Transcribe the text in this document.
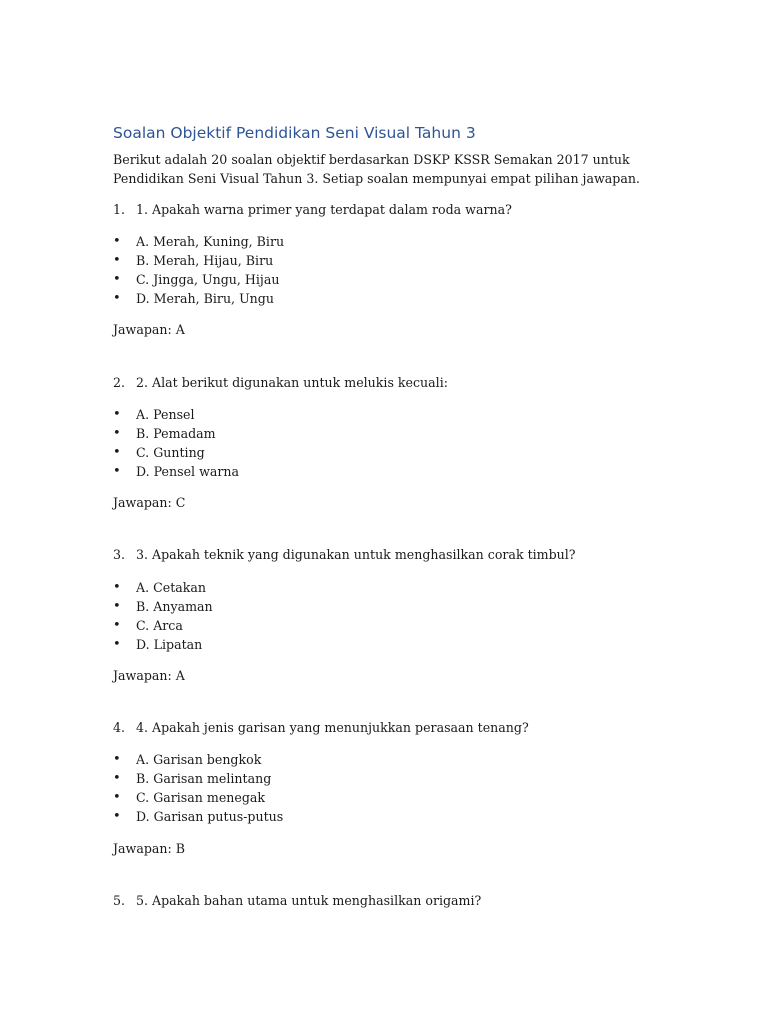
Soalan Objektif Pendidikan Seni Visual Tahun 3
Berikut adalah 20 soalan objektif berdasarkan DSKP KSSR Semakan 2017 untuk Pendidikan Seni Visual Tahun 3. Setiap soalan mempunyai empat pilihan jawapan.
1. 1. Apakah warna primer yang terdapat dalam roda warna?
• A. Merah, Kuning, Biru
• B. Merah, Hijau, Biru
• C. Jingga, Ungu, Hijau
• D. Merah, Biru, Ungu
Jawapan: A
2. 2. Alat berikut digunakan untuk melukis kecuali:
• A. Pensel
• B. Pemadam
• C. Gunting
• D. Pensel warna
Jawapan: C
3. 3. Apakah teknik yang digunakan untuk menghasilkan corak timbul?
• A. Cetakan
• B. Anyaman
• C. Arca
• D. Lipatan
Jawapan: A
4. 4. Apakah jenis garisan yang menunjukkan perasaan tenang?
• A. Garisan bengkok
• B. Garisan melintang
• C. Garisan menegak
• D. Garisan putus-putus
Jawapan: B
5. 5. Apakah bahan utama untuk menghasilkan origami?
